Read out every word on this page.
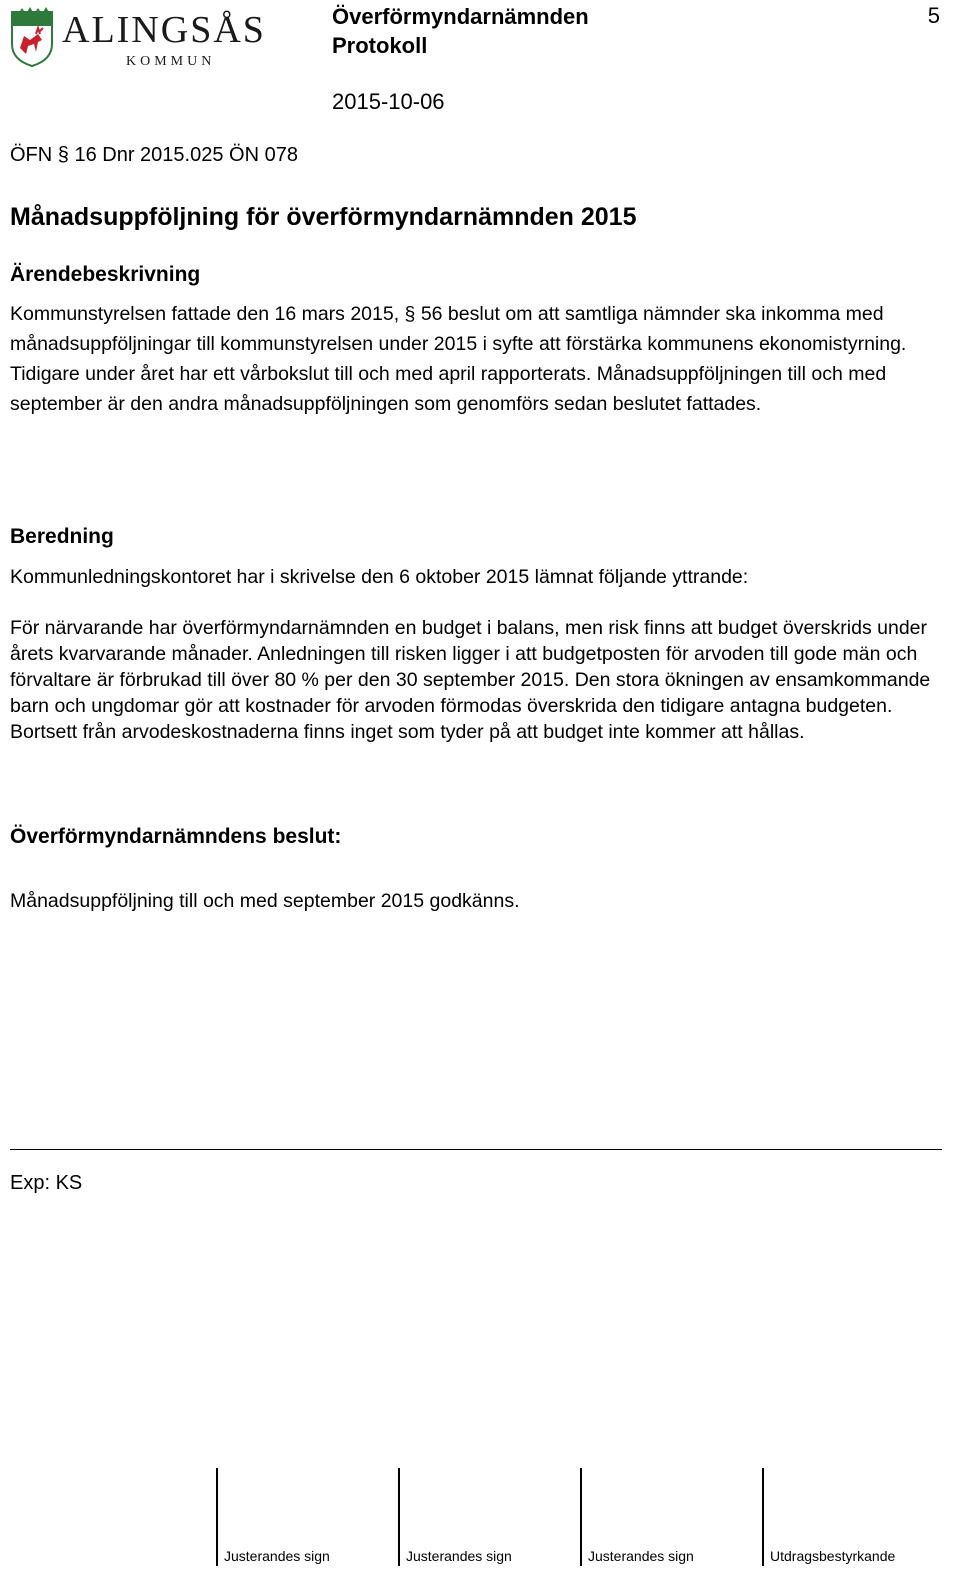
ALINGSÅS
KOMMUN
Överförmyndarnämnden
Protokoll
5
2015-10-06
ÖFN § 16 Dnr 2015.025 ÖN 078
Månadsuppföljning för överförmyndarnämnden 2015
Ärendebeskrivning
Kommunstyrelsen fattade den 16 mars 2015, § 56 beslut om att samtliga nämnder ska inkomma med månadsuppföljningar till kommunstyrelsen under 2015 i syfte att förstärka kommunens ekonomistyrning. Tidigare under året har ett vårbokslut till och med april rapporterats. Månadsuppföljningen till och med september är den andra månadsuppföljningen som genomförs sedan beslutet fattades.
Beredning
Kommunledningskontoret har i skrivelse den 6 oktober 2015 lämnat följande yttrande:
För närvarande har överförmyndarnämnden en budget i balans, men risk finns att budget överskrids under årets kvarvarande månader. Anledningen till risken ligger i att budgetposten för arvoden till gode män och förvaltare är förbrukad till över 80 % per den 30 september 2015. Den stora ökningen av ensamkommande barn och ungdomar gör att kostnader för arvoden förmodas överskrida den tidigare antagna budgeten. Bortsett från arvodeskostnaderna finns inget som tyder på att budget inte kommer att hållas.
Överförmyndarnämndens beslut:
Månadsuppföljning till och med september 2015 godkänns.
Exp: KS
Justerandes sign	Justerandes sign	Justerandes sign	Utdragsbestyrkande
